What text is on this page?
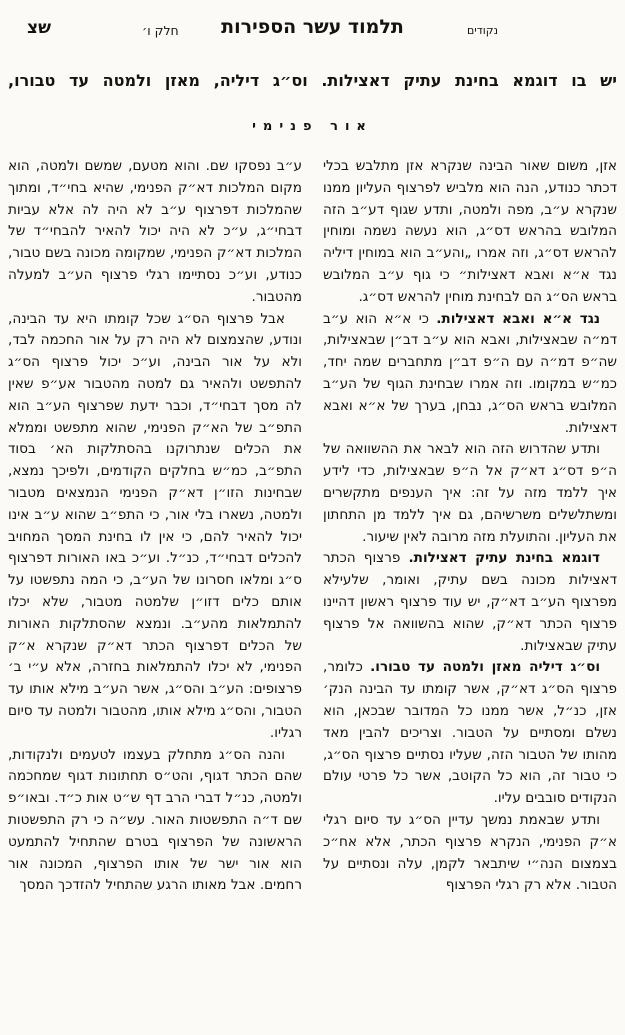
שצ	חלק ו׳ תלמוד עשר הספירות	נקודים
יש בו דוגמא בחינת עתיק דאצילות. וס״ג דיליה, מאזן ולמטה עד טבורו,
אור פנימי

אזן, משום שאור הבינה שנקרא אזן מתלבש בכלי דכתר כנודע, הנה הוא מלביש לפרצוף העליון ממנו שנקרא ע״ב, מפה ולמטה, ותדע שגוף דע״ב הזה המלובש בהראש דס״ג, הוא נעשה נשמה ומוחין להראש דס״ג, וזה אמרו „והע״ב הוא במוחין דיליה נגד א״א ואבא דאצילות״ כי גוף ע״ב המלובש בראש הס״ג הם לבחינת מוחין להראש דס״ג.

נגד א״א ואבא דאצילות. כי א״א הוא ע״ב דמ״ה שבאצילות, ואבא הוא ע״ב דב״ן שבאצילות, שה״פ דמ״ה עם ה״פ דב״ן מתחברים שמה יחד, כמ״ש במקומו. וזה אמרו שבחינת הגוף של הע״ב המלובש בראש הס״ג, נבחן, בערך של א״א ואבא דאצילות.

ותדע שהדרוש הזה הוא לבאר את ההשוואה של ה״פ דס״ג דא״ק אל ה״פ שבאצילות, כדי לידע איך ללמד מזה על זה: איך הענפים מתקשרים ומשתלשלים משרשיהם, גם איך ללמד מן התחתון את העליון. והתועלת מזה מרובה לאין שיעור.

דוגמא בחינת עתיק דאצילות. פרצוף הכתר דאצילות מכונה בשם עתיק, ואומר, שלעילא מפרצוף הע״ב דא״ק, יש עוד פרצוף ראשון דהיינו פרצוף הכתר דא״ק, שהוא בהשוואה אל פרצוף עתיק שבאצילות.

וס״ג דיליה מאזן ולמטה עד טבורו. כלומר, פרצוף הס״ג דא״ק, אשר קומתו עד הבינה הנק׳ אזן, כנ״ל, אשר ממנו כל המדובר שבכאן, הוא נשלם ומסתיים על הטבור. וצריכים להבין מאד מהותו של הטבור הזה, שעליו נסתיים פרצוף הס״ג, כי טבור זה, הוא כל הקוטב, אשר כל פרטי עולם הנקודים סובבים עליו.

ותדע שבאמת נמשך עדיין הס״ג עד סיום רגלי א״ק הפנימי, הנקרא פרצוף הכתר, אלא אח״כ בצמצום הנה״י שיתבאר לקמן, עלה ונסתיים על הטבור. אלא רק רגלי הפרצוף

ע״ב נפסקו שם. והוא מטעם, שמשם ולמטה, הוא מקום המלכות דא״ק הפנימי, שהיא בחי״ד, ומתוך שהמלכות דפרצוף ע״ב לא היה לה אלא עביות דבחי״ג, ע״כ לא היה יכול להאיר להבחי״ד של המלכות דא״ק הפנימי, שמקומה מכונה בשם טבור, כנודע, וע״כ נסתיימו רגלי פרצוף הע״ב למעלה מהטבור.

אבל פרצוף הס״ג שכל קומתו היא עד הבינה, ונודע, שהצמצום לא היה רק על אור החכמה לבד, ולא על אור הבינה, וע״כ יכול פרצוף הס״ג להתפשט ולהאיר גם למטה מהטבור אע״פ שאין לה מסך דבחי״ד, וכבר ידעת שפרצוף הע״ב הוא התפ״ב של הא״ק הפנימי, שהוא מתפשט וממלא את הכלים שנתרוקנו בהסתלקות הא׳ בסוד התפ״ב, כמ״ש בחלקים הקודמים, ולפיכך נמצא, שבחינות הזו״ן דא״ק הפנימי הנמצאים מטבור ולמטה, נשארו בלי אור, כי התפ״ב שהוא ע״ב אינו יכול להאיר להם, כי אין לו בחינת המסך המחויב להכלים דבחי״ד, כנ״ל. וע״כ באו האורות דפרצוף ס״ג ומלאו חסרונו של הע״ב, כי המה נתפשטו על אותם כלים דזו״ן שלמטה מטבור, שלא יכלו להתמלאות מהע״ב. ונמצא שהסתלקות האורות של הכלים דפרצוף הכתר דא״ק שנקרא א״ק הפנימי, לא יכלו להתמלאות בחזרה, אלא ע״י ב׳ פרצופים: הע״ב והס״ג, אשר הע״ב מילא אותו עד הטבור, והס״ג מילא אותו, מהטבור ולמטה עד סיום רגליו.

והנה הס״ג מתחלק בעצמו לטעמים ולנקודות, שהם הכתר דגוף, והט״ס תחתונות דגוף שמחכמה ולמטה, כנ״ל דברי הרב דף ש״ט אות כ״ד. ובאו״פ שם ד״ה התפשטות האור. עש״ה כי רק התפשטות הראשונה של הפרצוף בטרם שהתחיל להתמעט הוא אור ישר של אותו הפרצוף, המכונה אור רחמים. אבל מאותו הרגע שהתחיל להזדכך המסך
